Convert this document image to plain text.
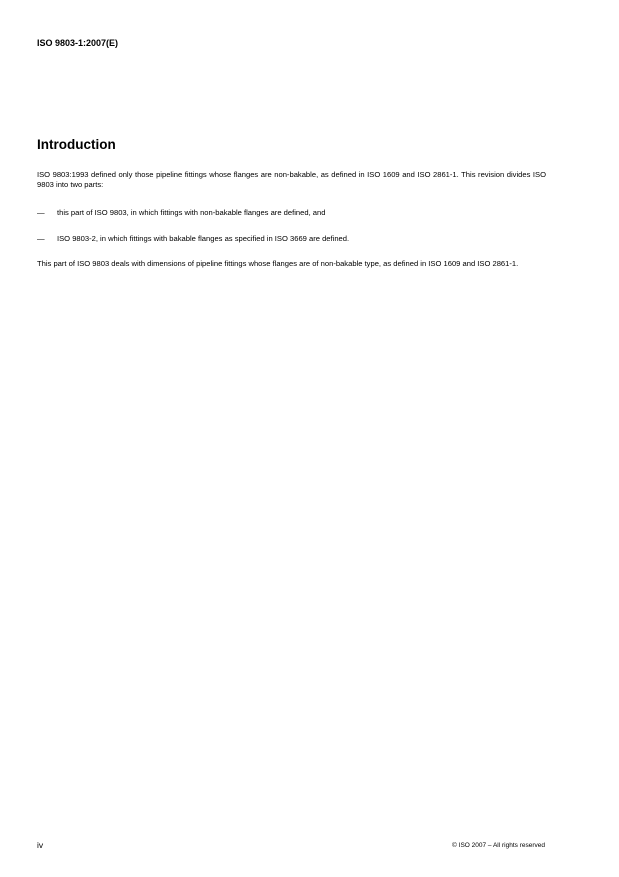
ISO 9803-1:2007(E)
Introduction

ISO 9803:1993 defined only those pipeline fittings whose flanges are non-bakable, as defined in ISO 1609 and ISO 2861-1. This revision divides ISO 9803 into two parts:

— this part of ISO 9803, in which fittings with non-bakable flanges are defined, and
— ISO 9803-2, in which fittings with bakable flanges as specified in ISO 3669 are defined.

This part of ISO 9803 deals with dimensions of pipeline fittings whose flanges are of non-bakable type, as defined in ISO 1609 and ISO 2861-1.

iv	© ISO 2007 – All rights reserved
